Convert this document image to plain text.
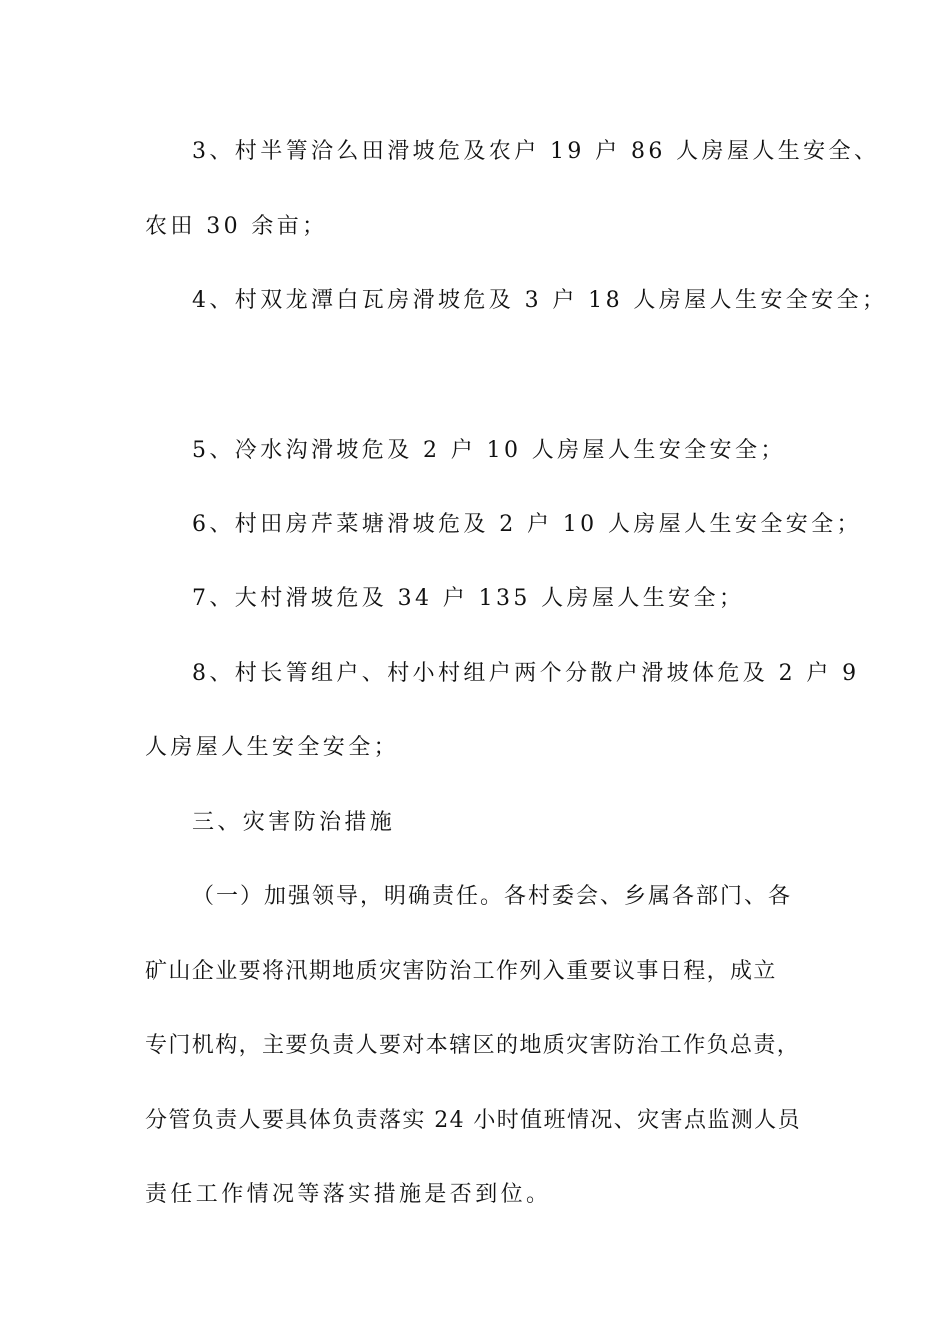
3、村半箐洽么田滑坡危及农户 19 户 86 人房屋人生安全、
农田 30 余亩；
4、村双龙潭白瓦房滑坡危及 3 户 18 人房屋人生安全安全；
5、冷水沟滑坡危及 2 户 10 人房屋人生安全安全；
6、村田房芹菜塘滑坡危及 2 户 10 人房屋人生安全安全；
7、大村滑坡危及 34 户 135 人房屋人生安全；
8、村长箐组户、村小村组户两个分散户滑坡体危及 2 户 9
人房屋人生安全安全；
三、灾害防治措施
（一）加强领导，明确责任。各村委会、乡属各部门、各
矿山企业要将汛期地质灾害防治工作列入重要议事日程，成立
专门机构，主要负责人要对本辖区的地质灾害防治工作负总责，
分管负责人要具体负责落实 24 小时值班情况、灾害点监测人员
责任工作情况等落实措施是否到位。
